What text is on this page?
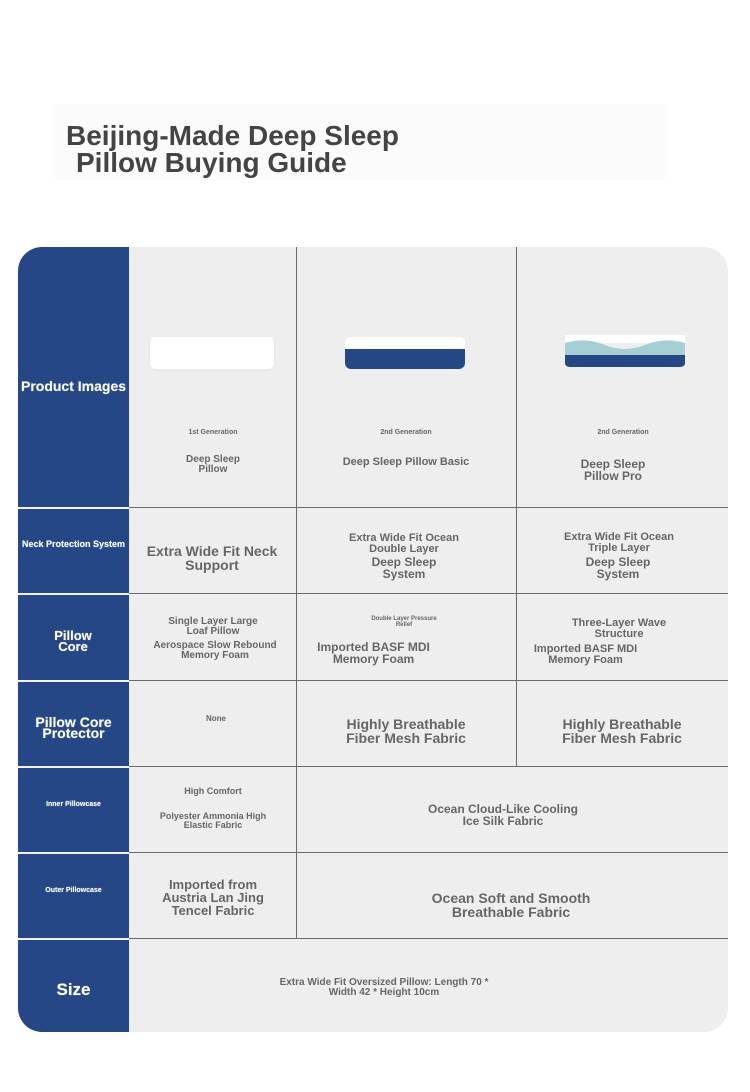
Beijing-Made Deep Sleep
Pillow Buying Guide
Product Images
Neck Protection System
Pillow Core
Pillow Core Protector
Inner Pillowcase
Outer Pillowcase
Size
1st Generation
Deep Sleep Pillow
2nd Generation
Deep Sleep Pillow Basic
2nd Generation
Deep Sleep Pillow Pro
Extra Wide Fit Neck Support
Extra Wide Fit Ocean Double Layer
Deep Sleep System
Extra Wide Fit Ocean Triple Layer
Deep Sleep System
Single Layer Large Loaf Pillow
Aerospace Slow Rebound Memory Foam
Double Layer Pressure Relief
Imported BASF MDI Memory Foam
Three-Layer Wave Structure
Imported BASF MDI Memory Foam
None	Highly Breathable Fiber Mesh Fabric
Highly Breathable Fiber Mesh Fabric
High Comfort
Polyester Ammonia High Elastic Fabric
Ocean Cloud-Like Cooling Ice Silk Fabric
Imported from Austria Lan Jing Tencel Fabric
Ocean Soft and Smooth Breathable Fabric
Extra Wide Fit Oversized Pillow: Length 70 * Width 42 * Height 10cm
